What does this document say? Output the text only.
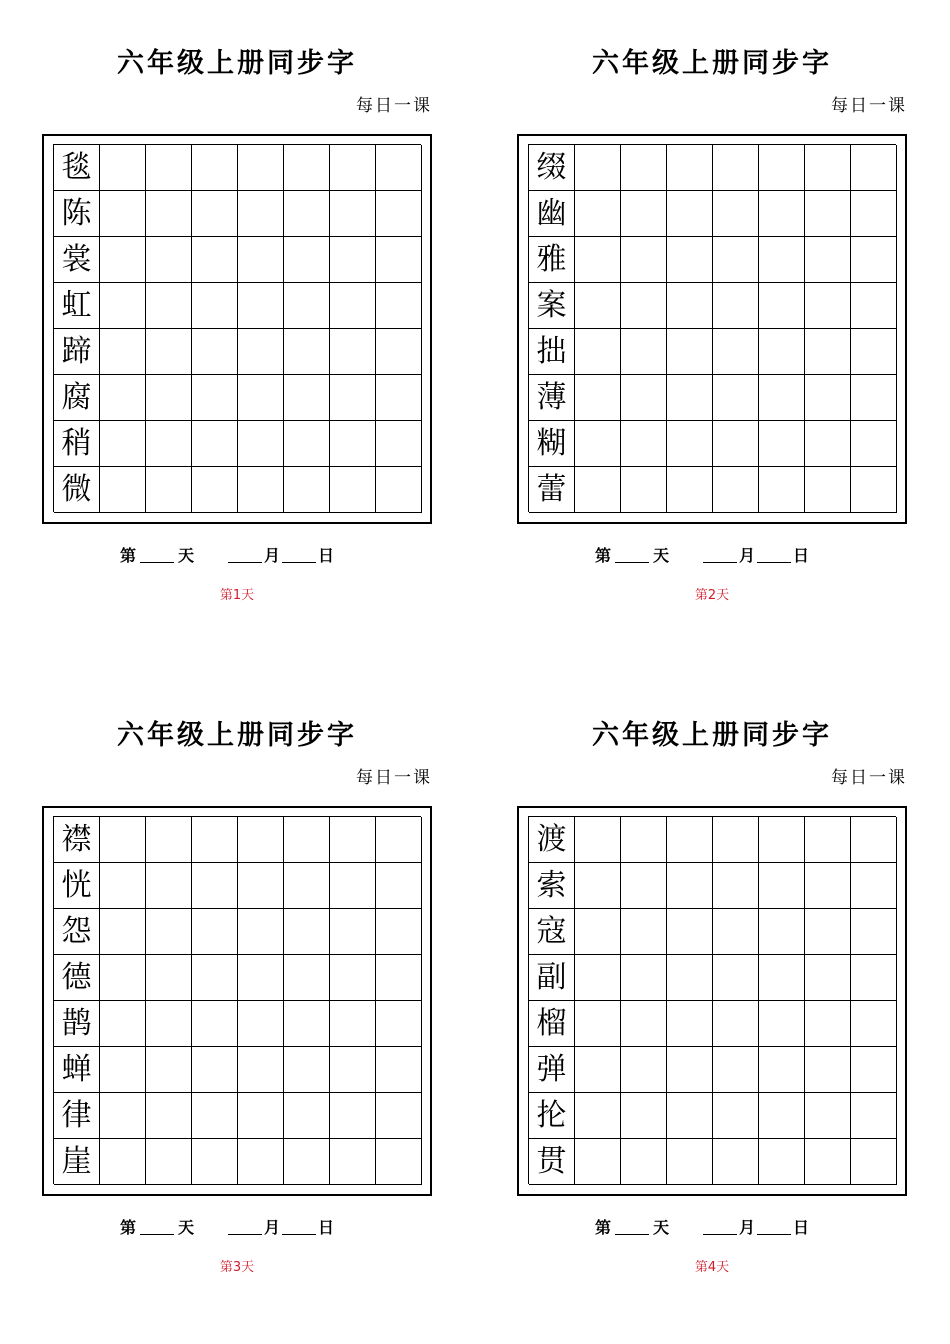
六年级上册同步字
每日一课
毯
陈
裳
虹
蹄
腐
稍
微
第	天	月 日
第1天
六年级上册同步字
每日一课
缀
幽
雅
案
拙
薄
糊
蕾
第	天	月 日
第2天
六年级上册同步字
每日一课
襟
恍
怨
德
鹊
蝉
律
崖
第	天	月 日
第3天
六年级上册同步字
每日一课
渡
索
寇
副
榴
弹
抡
贯
第	天	月 日
第4天
